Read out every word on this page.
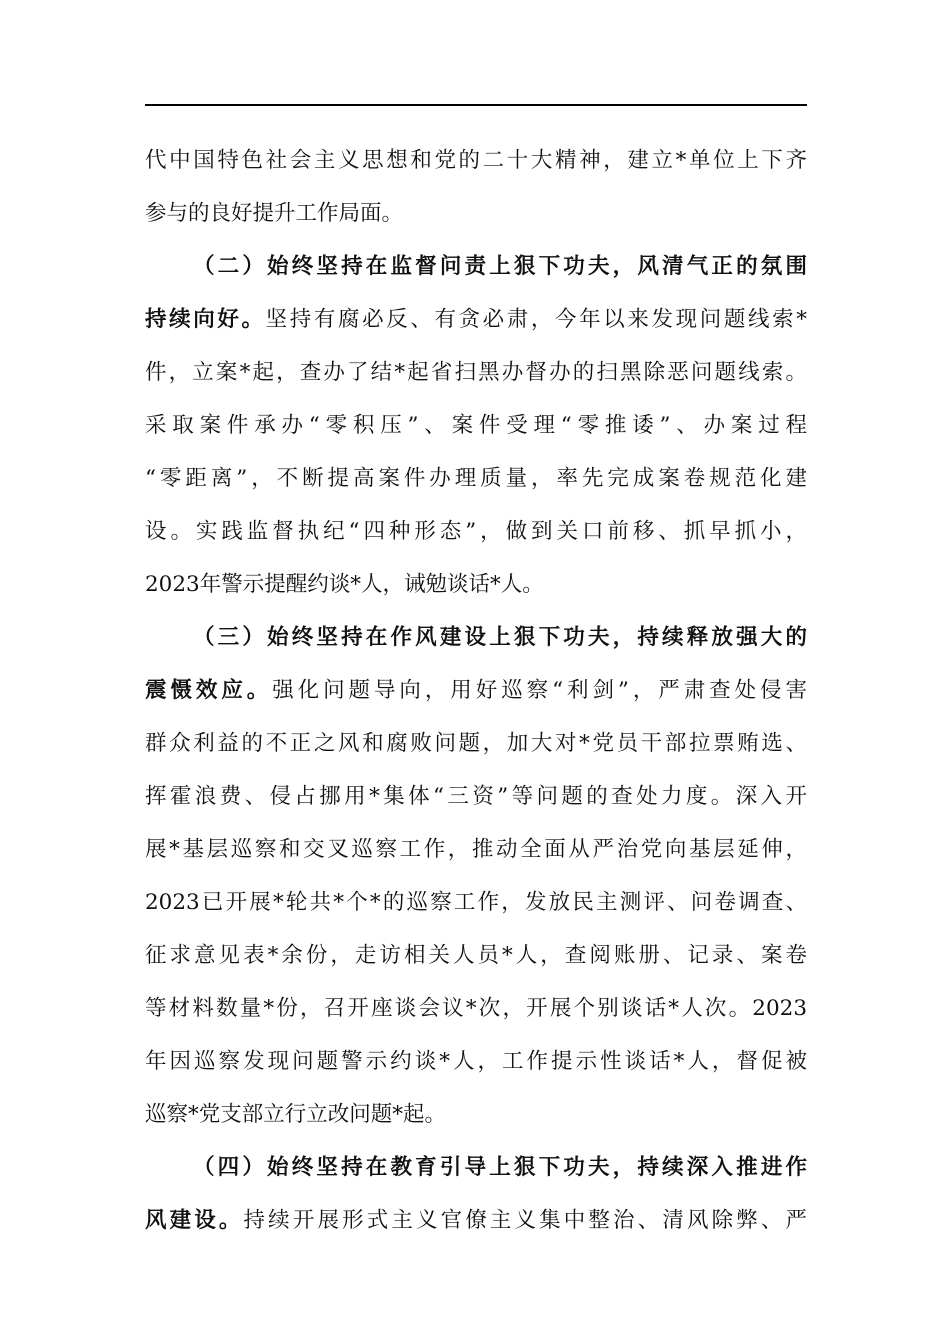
代中国特色社会主义思想和党的二十大精神，建立*单位上下齐
参与的良好提升工作局面。
（二）始终坚持在监督问责上狠下功夫，风清气正的氛围
持续向好。坚持有腐必反、有贪必肃，今年以来发现问题线索*
件，立案*起，查办了结*起省扫黑办督办的扫黑除恶问题线索。
采取案件承办“零积压”、案件受理“零推诿”、办案过程
“零距离”，不断提高案件办理质量，率先完成案卷规范化建
设。实践监督执纪“四种形态”，做到关口前移、抓早抓小，
2023年警示提醒约谈*人，诫勉谈话*人。
（三）始终坚持在作风建设上狠下功夫，持续释放强大的
震慑效应。强化问题导向，用好巡察“利剑”，严肃查处侵害
群众利益的不正之风和腐败问题，加大对*党员干部拉票贿选、
挥霍浪费、侵占挪用*集体“三资”等问题的查处力度。深入开
展*基层巡察和交叉巡察工作，推动全面从严治党向基层延伸，
2023已开展*轮共*个*的巡察工作，发放民主测评、问卷调查、
征求意见表*余份，走访相关人员*人，查阅账册、记录、案卷
等材料数量*份，召开座谈会议*次，开展个别谈话*人次。2023
年因巡察发现问题警示约谈*人，工作提示性谈话*人，督促被
巡察*党支部立行立改问题*起。
（四）始终坚持在教育引导上狠下功夫，持续深入推进作
风建设。持续开展形式主义官僚主义集中整治、清风除弊、严
